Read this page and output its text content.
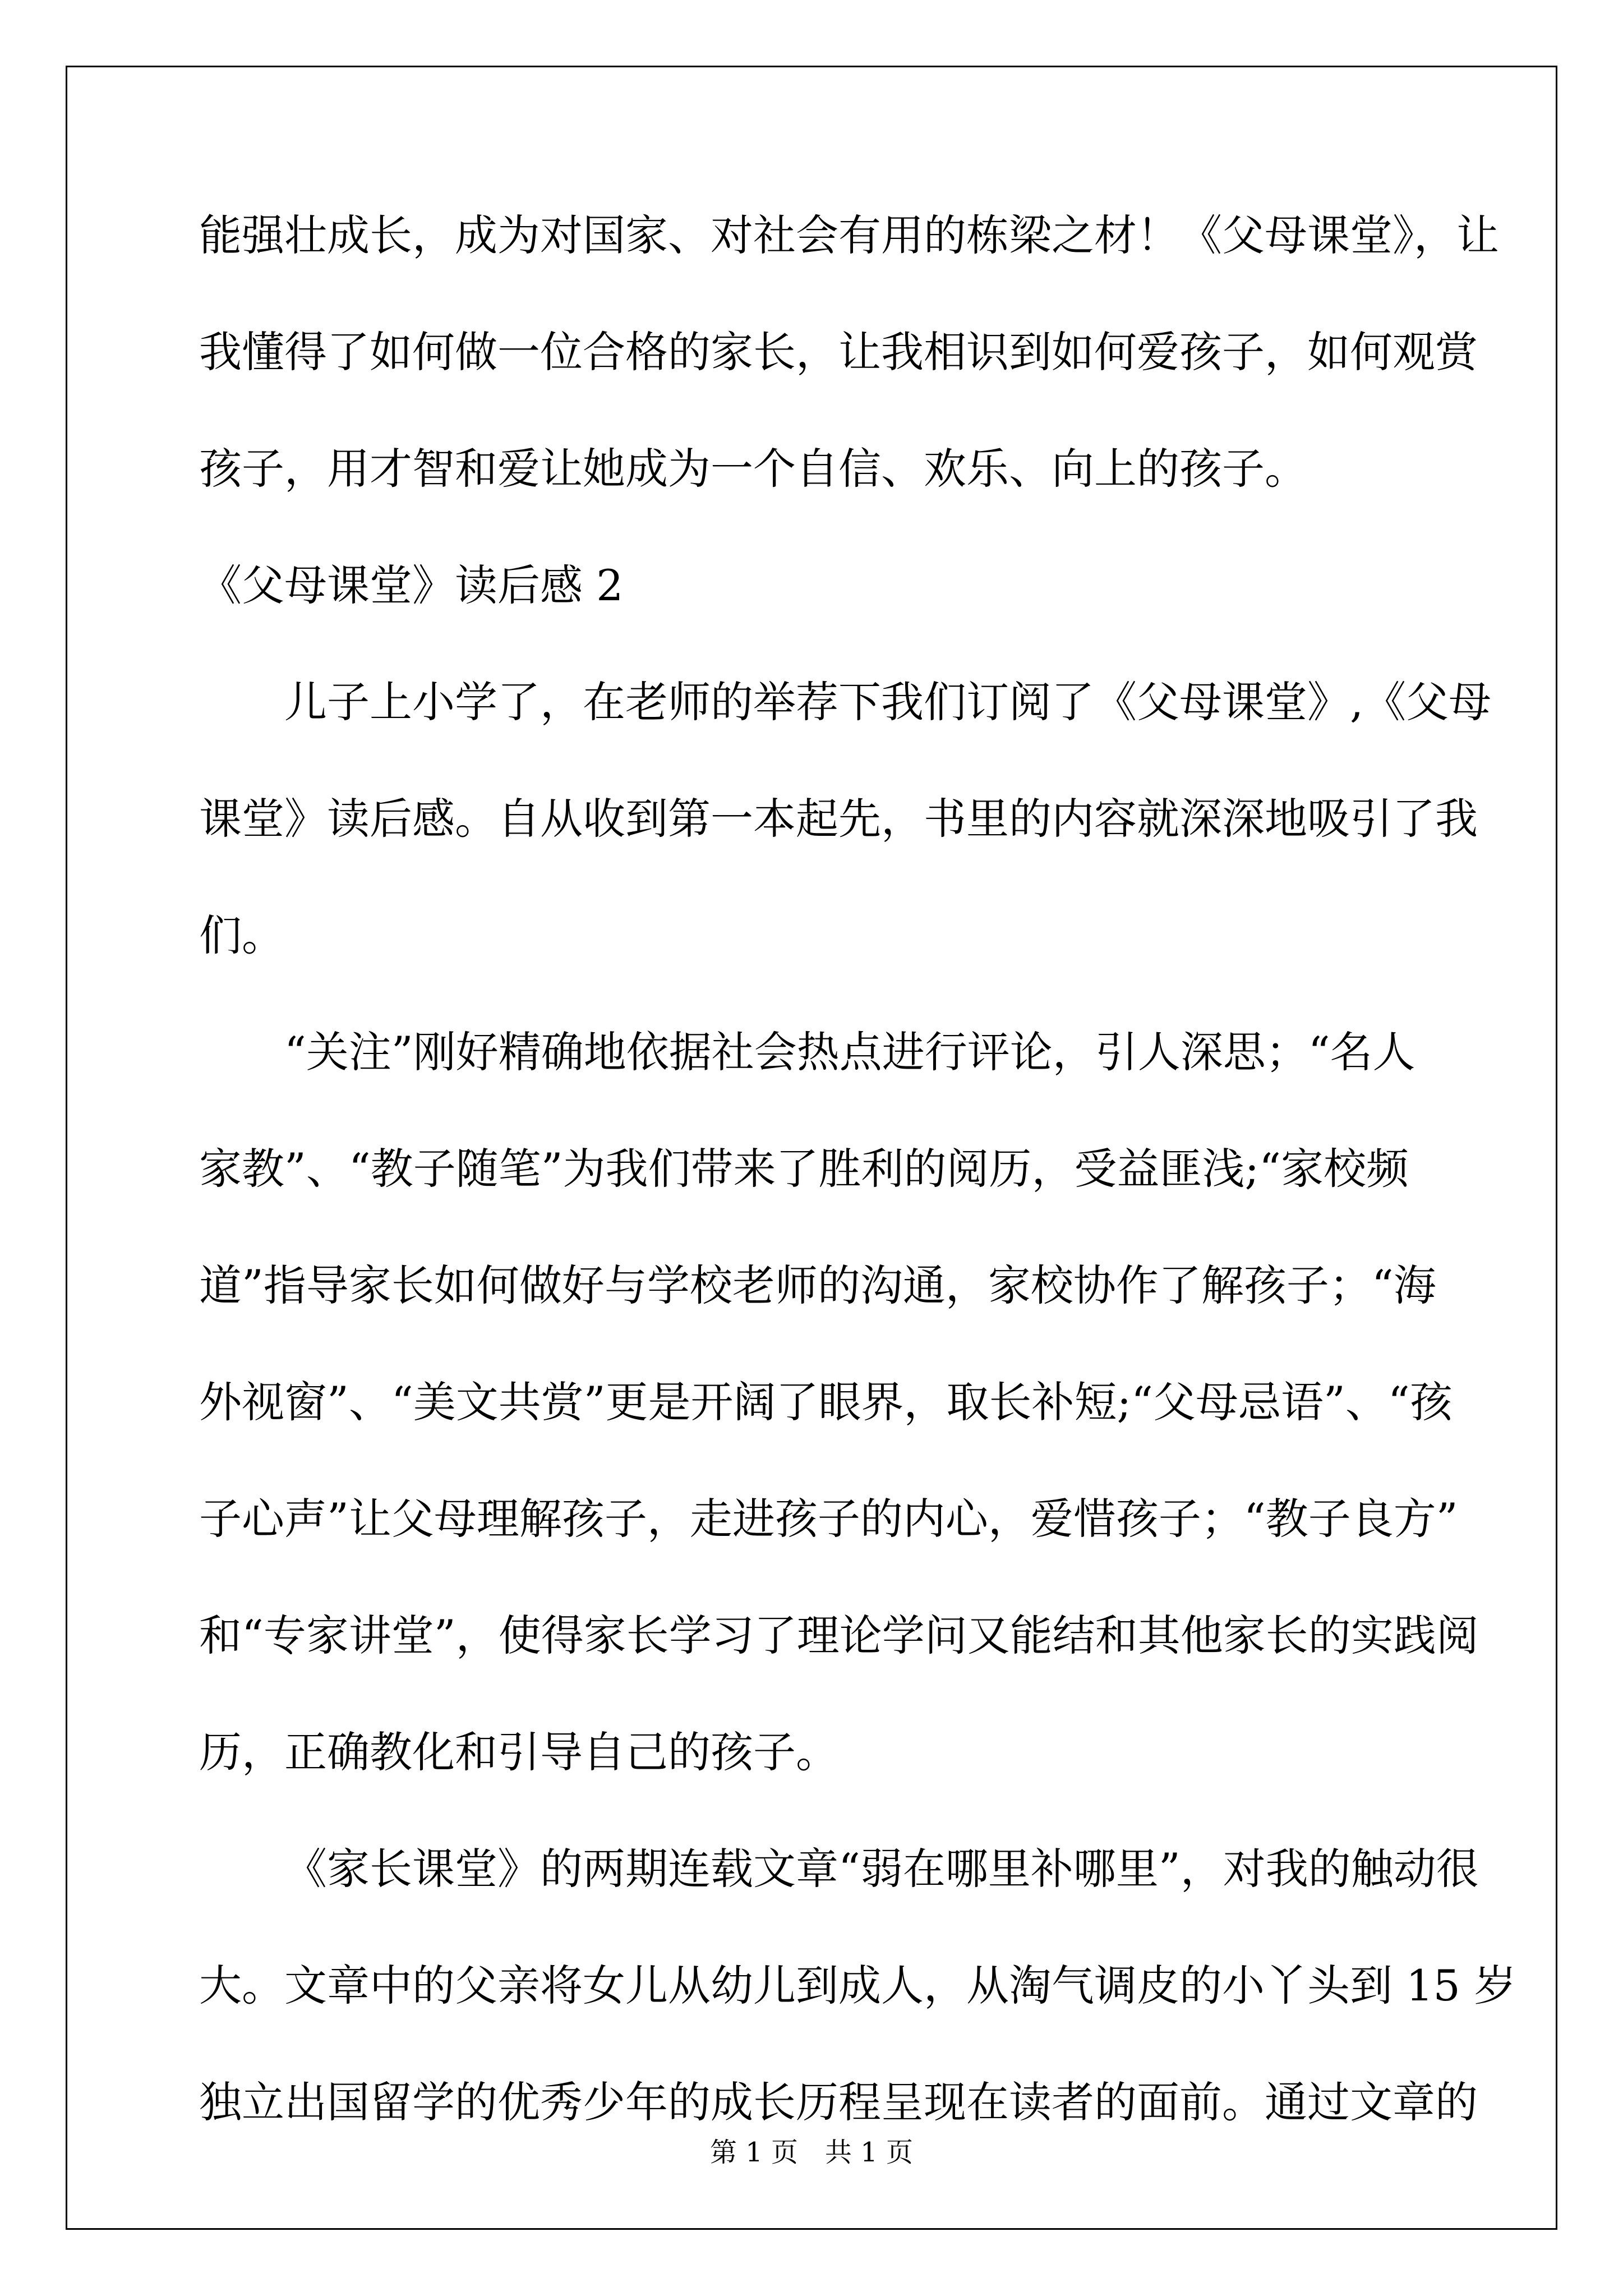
能强壮成长，成为对国家、对社会有用的栋梁之材！《父母课堂》，让
我懂得了如何做一位合格的家长，让我相识到如何爱孩子，如何观赏
孩子，用才智和爱让她成为一个自信、欢乐、向上的孩子。
《父母课堂》读后感 2
儿子上小学了，在老师的举荐下我们订阅了《父母课堂》,《父母
课堂》读后感。自从收到第一本起先，书里的内容就深深地吸引了我
们。
“关注”刚好精确地依据社会热点进行评论，引人深思；“名人
家教”、“教子随笔”为我们带来了胜利的阅历，受益匪浅;“家校频
道”指导家长如何做好与学校老师的沟通，家校协作了解孩子；“海
外视窗”、“美文共赏”更是开阔了眼界，取长补短;“父母忌语”、“孩
子心声”让父母理解孩子，走进孩子的内心，爱惜孩子；“教子良方”
和“专家讲堂”，使得家长学习了理论学问又能结和其他家长的实践阅
历，正确教化和引导自己的孩子。
《家长课堂》的两期连载文章“弱在哪里补哪里”，对我的触动很
大。文章中的父亲将女儿从幼儿到成人，从淘气调皮的小丫头到 15 岁
独立出国留学的优秀少年的成长历程呈现在读者的面前。通过文章的
第 1 页　共 1 页
